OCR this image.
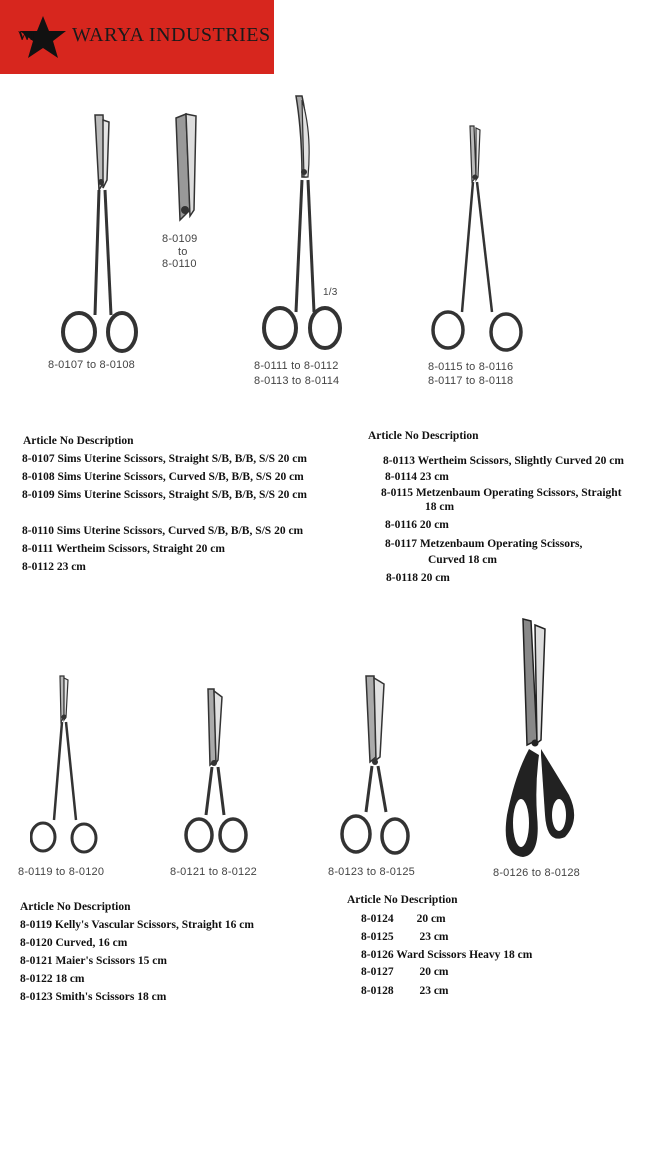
WI WARYA INDUSTRIES
8-0107 to 8-0108
8-0109
to
8-0110
8-0111 to 8-0112
8-0113 to 8-0114
1/3
8-0115 to 8-0116
8-0117 to 8-0118
Article No Description
8-0107 Sims Uterine Scissors, Straight S/B, B/B, S/S 20 cm
8-0108 Sims Uterine Scissors, Curved S/B, B/B, S/S 20 cm
8-0109 Sims Uterine Scissors, Straight S/B, B/B, S/S 20 cm
8-0110 Sims Uterine Scissors, Curved S/B, B/B, S/S 20 cm
8-0111 Wertheim Scissors, Straight 20 cm
8-0112 23 cm
Article No Description
8-0113 Wertheim Scissors, Slightly Curved 20 cm
8-0114 23 cm
8-0115 Metzenbaum Operating Scissors, Straight
18 cm
8-0116 20 cm
8-0117 Metzenbaum Operating Scissors,
Curved 18 cm
8-0118 20 cm
8-0119 to 8-0120	8-0121 to 8-0122	8-0123 to 8-0125	8-0126 to 8-0128
Article No Description
8-0119 Kelly's Vascular Scissors, Straight 16 cm
8-0120 Curved, 16 cm
8-0121 Maier's Scissors 15 cm
8-0122 18 cm
8-0123 Smith's Scissors 18 cm
Article No Description
8-0124        20 cm
8-0125         23 cm
8-0126 Ward Scissors Heavy 18 cm
8-0127         20 cm
8-0128         23 cm
